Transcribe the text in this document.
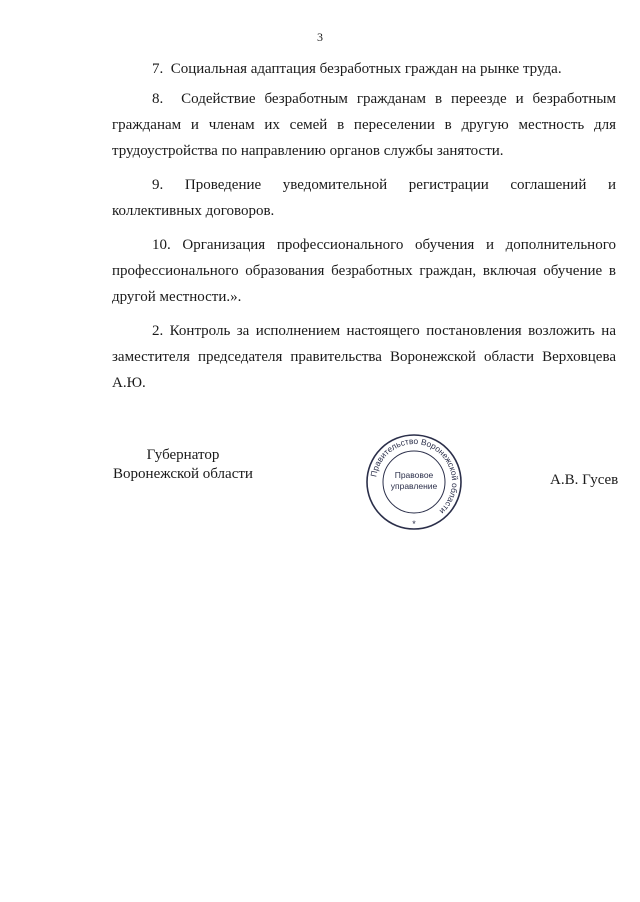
3

7.  Социальная адаптация безработных граждан на рынке труда.

8.  Содействие безработным гражданам в переезде и безработным гражданам и членам их семей в переселении в другую местность для трудоустройства по направлению органов службы занятости.

9. Проведение уведомительной регистрации соглашений и коллективных договоров.

10. Организация профессионального обучения и дополнительного профессионального образования безработных граждан, включая обучение в другой местности.».

2. Контроль за исполнением настоящего постановления возложить на заместителя председателя правительства Воронежской области Верховцева А.Ю.

Губернатор
Воронежской области	Правительство Воронежской области
Правовое
управление
*
А.В. Гусев
